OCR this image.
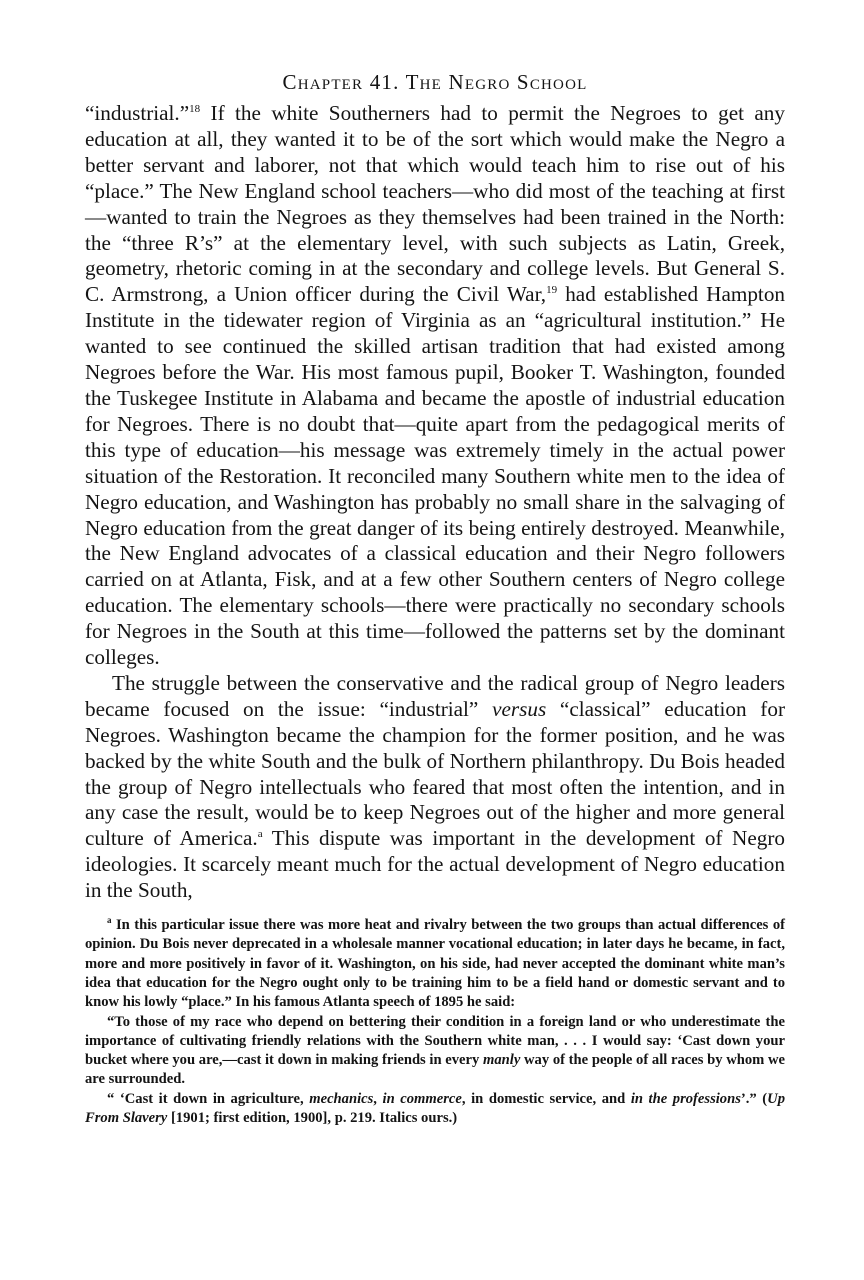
Chapter 41. The Negro School

“industrial.”$^{18}$ If the white Southerners had to permit the Negroes to get any education at all, they wanted it to be of the sort which would make the Negro a better servant and laborer, not that which would teach him to rise out of his “place.” The New England school teachers—who did most of the teaching at first—wanted to train the Negroes as they themselves had been trained in the North: the “three R’s” at the elementary level, with such subjects as Latin, Greek, geometry, rhetoric coming in at the secondary and college levels. But General S. C. Armstrong, a Union officer during the Civil War,$^{19}$ had established Hampton Institute in the tidewater region of Virginia as an “agricultural institution.” He wanted to see continued the skilled artisan tradition that had existed among Negroes before the War. His most famous pupil, Booker T. Washington, founded the Tuskegee Institute in Alabama and became the apostle of industrial education for Negroes. There is no doubt that—quite apart from the pedagogical merits of this type of education—his message was extremely timely in the actual power situation of the Restoration. It reconciled many Southern white men to the idea of Negro education, and Washington has probably no small share in the salvaging of Negro education from the great danger of its being entirely destroyed. Meanwhile, the New England advocates of a classical education and their Negro followers carried on at Atlanta, Fisk, and at a few other Southern centers of Negro college education. The elementary schools—there were practically no secondary schools for Negroes in the South at this time—followed the patterns set by the dominant colleges.

The struggle between the conservative and the radical group of Negro leaders became focused on the issue: “industrial” versus “classical” education for Negroes. Washington became the champion for the former position, and he was backed by the white South and the bulk of Northern philanthropy. Du Bois headed the group of Negro intellectuals who feared that most often the intention, and in any case the result, would be to keep Negroes out of the higher and more general culture of America.$^a$ This dispute was important in the development of Negro ideologies. It scarcely meant much for the actual development of Negro education in the South,

$^a$ In this particular issue there was more heat and rivalry between the two groups than actual differences of opinion. Du Bois never deprecated in a wholesale manner vocational education; in later days he became, in fact, more and more positively in favor of it. Washington, on his side, had never accepted the dominant white man’s idea that education for the Negro ought only to be training him to be a field hand or domestic servant and to know his lowly “place.” In his famous Atlanta speech of 1895 he said:

“To those of my race who depend on bettering their condition in a foreign land or who underestimate the importance of cultivating friendly relations with the Southern white man, . . . I would say: ‘Cast down your bucket where you are,—cast it down in making friends in every manly way of the people of all races by whom we are surrounded.

“ ‘Cast it down in agriculture, mechanics, in commerce, in domestic service, and in the professions’.” (Up From Slavery [1901; first edition, 1900], p. 219. Italics ours.)
